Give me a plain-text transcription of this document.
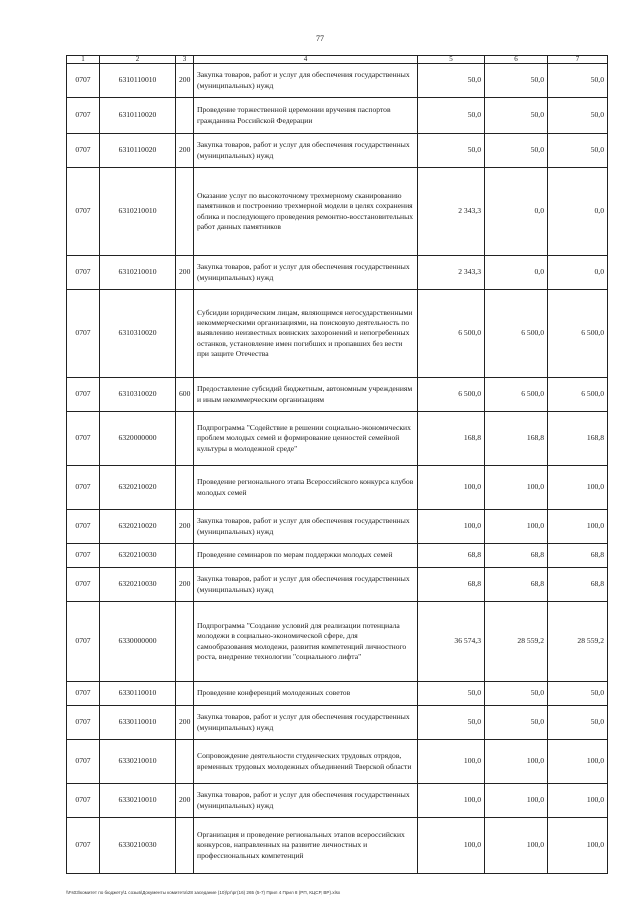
77
1	2	3	4	5	6	7
0707	6310110010	200	Закупка товаров, работ и услуг для обеспечения государственных (муниципальных) нужд	50,0	50,0	50,0
0707	6310110020		Проведение торжественной церемонии вручения паспортов гражданина Российской Федерации	50,0	50,0	50,0
0707	6310110020	200	Закупка товаров, работ и услуг для обеспечения государственных (муниципальных) нужд	50,0	50,0	50,0
0707	6310210010		Оказание услуг по высокоточному трехмерному сканированию памятников и построению трехмерной модели в целях сохранения облика и последующего проведения ремонтно-восстановительных работ данных памятников	2 343,3	0,0	0,0
0707	6310210010	200	Закупка товаров, работ и услуг для обеспечения государственных (муниципальных) нужд	2 343,3	0,0	0,0
0707	6310310020		Субсидии юридическим лицам, являющимся негосударственными некоммерческими организациями, на поисковую деятельность по выявлению неизвестных воинских захоронений и непогребенных останков, установление имен погибших и пропавших без вести при защите Отечества	6 500,0	6 500,0	6 500,0
0707	6310310020	600	Предоставление субсидий бюджетным, автономным учреждениям и иным некоммерческим организациям	6 500,0	6 500,0	6 500,0
0707	6320000000		Подпрограмма "Содействие в решении социально-экономических проблем молодых семей и формирование ценностей семейной культуры в молодежной среде"	168,8	168,8	168,8
0707	6320210020		Проведение регионального этапа Всероссийского конкурса клубов молодых семей	100,0	100,0	100,0
0707	6320210020	200	Закупка товаров, работ и услуг для обеспечения государственных (муниципальных) нужд	100,0	100,0	100,0
0707	6320210030		Проведение семинаров по мерам поддержки молодых семей	68,8	68,8	68,8
0707	6320210030	200	Закупка товаров, работ и услуг для обеспечения государственных (муниципальных) нужд	68,8	68,8	68,8
0707	6330000000		Подпрограмма "Создание условий для реализации потенциала молодежи в социально-экономической сфере, для самообразования молодежи, развития компетенций личностного роста, внедрение технологии "социального лифта"	36 574,3	28 559,2	28 559,2
0707	6330110010		Проведение конференций молодежных советов	50,0	50,0	50,0
0707	6330110010	200	Закупка товаров, работ и услуг для обеспечения государственных (муниципальных) нужд	50,0	50,0	50,0
0707	6330210010		Сопровождение деятельности студенческих трудовых отрядов, временных трудовых молодежных объединений Тверской области	100,0	100,0	100,0
0707	6330210010	200	Закупка товаров, работ и услуг для обеспечения государственных (муниципальных) нужд	100,0	100,0	100,0
0707	6330210030		Организация и проведение региональных этапов всероссийских конкурсов, направленных на развитие личностных и профессиональных компетенций	100,0	100,0	100,0
\\Fs03\комитет по бюджету\1 созыв\Документы комитета\28 заседание (10)\рг\рг(16) 265 (5-7) Прил 4 Прил 8 (РП, КЦСР, ВР).xlsx
